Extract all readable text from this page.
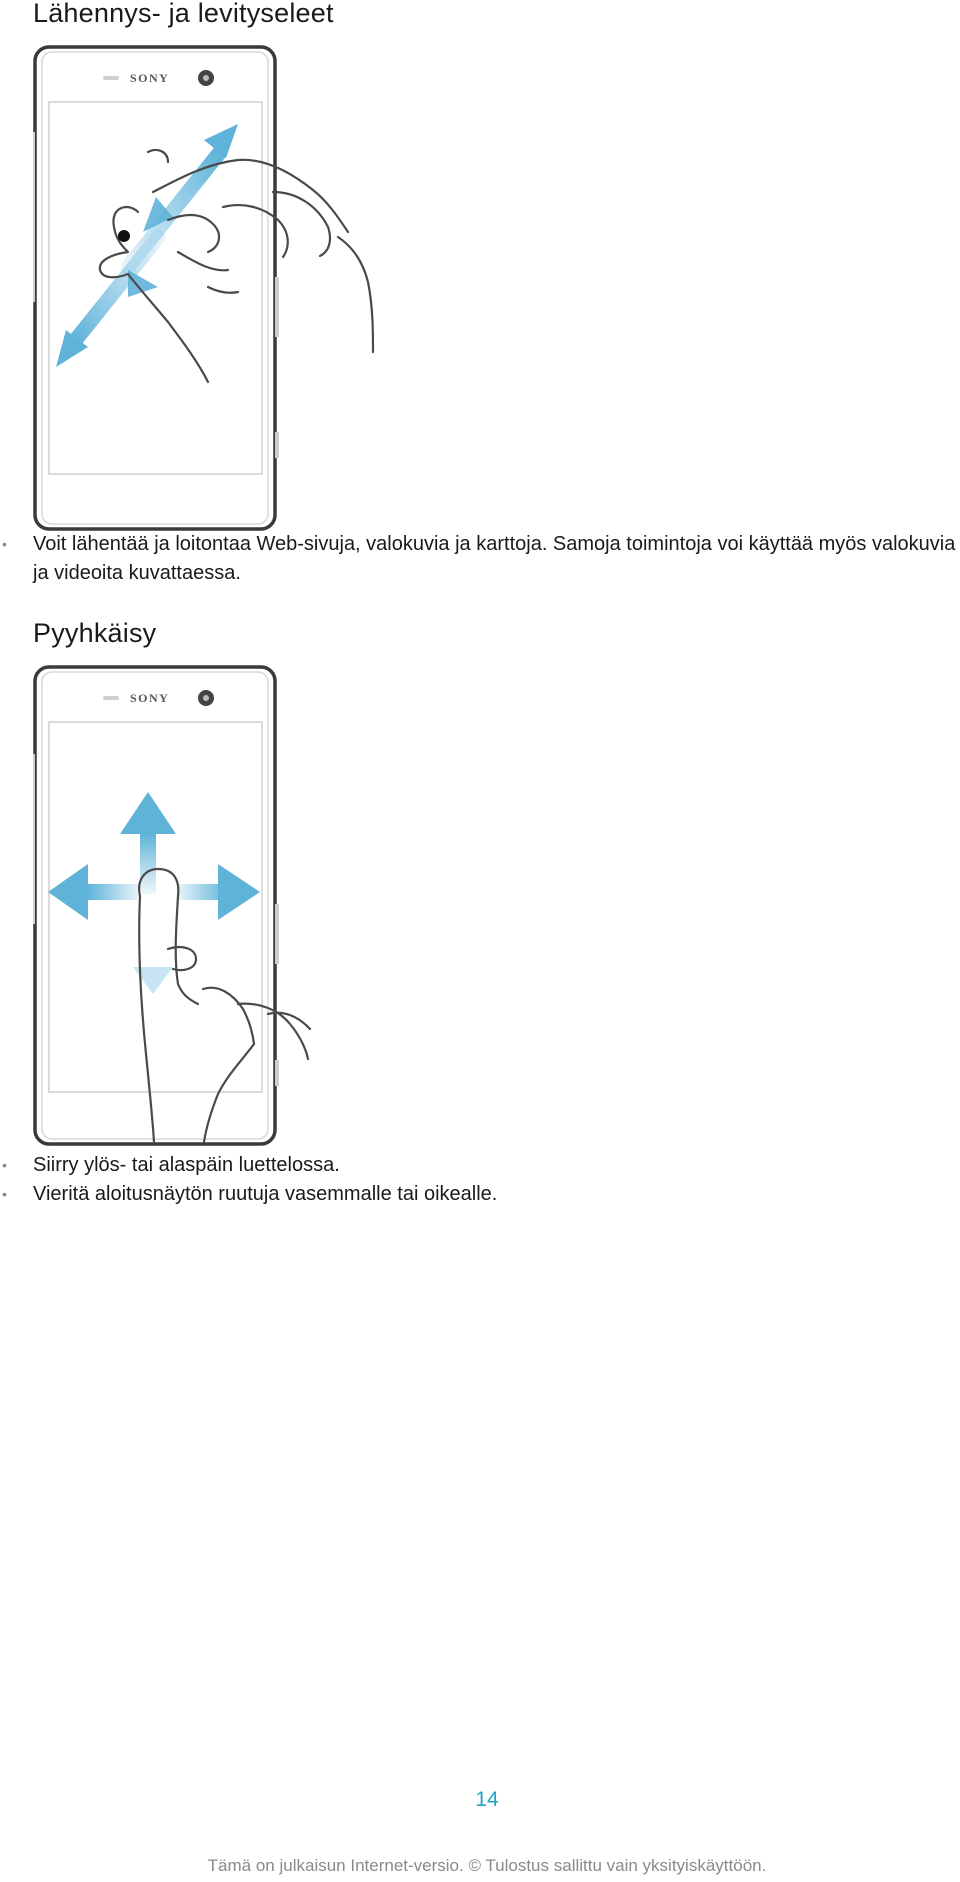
Lähennys- ja levityseleet
SONY
• Voit lähentää ja loitontaa Web-sivuja, valokuvia ja karttoja. Samoja toimintoja voi käyttää myös valokuvia ja videoita kuvattaessa.
Pyyhkäisy
SONY
• Siirry ylös- tai alaspäin luettelossa.
• Vieritä aloitusnäytön ruutuja vasemmalle tai oikealle.
14
Tämä on julkaisun Internet-versio. © Tulostus sallittu vain yksityiskäyttöön.
